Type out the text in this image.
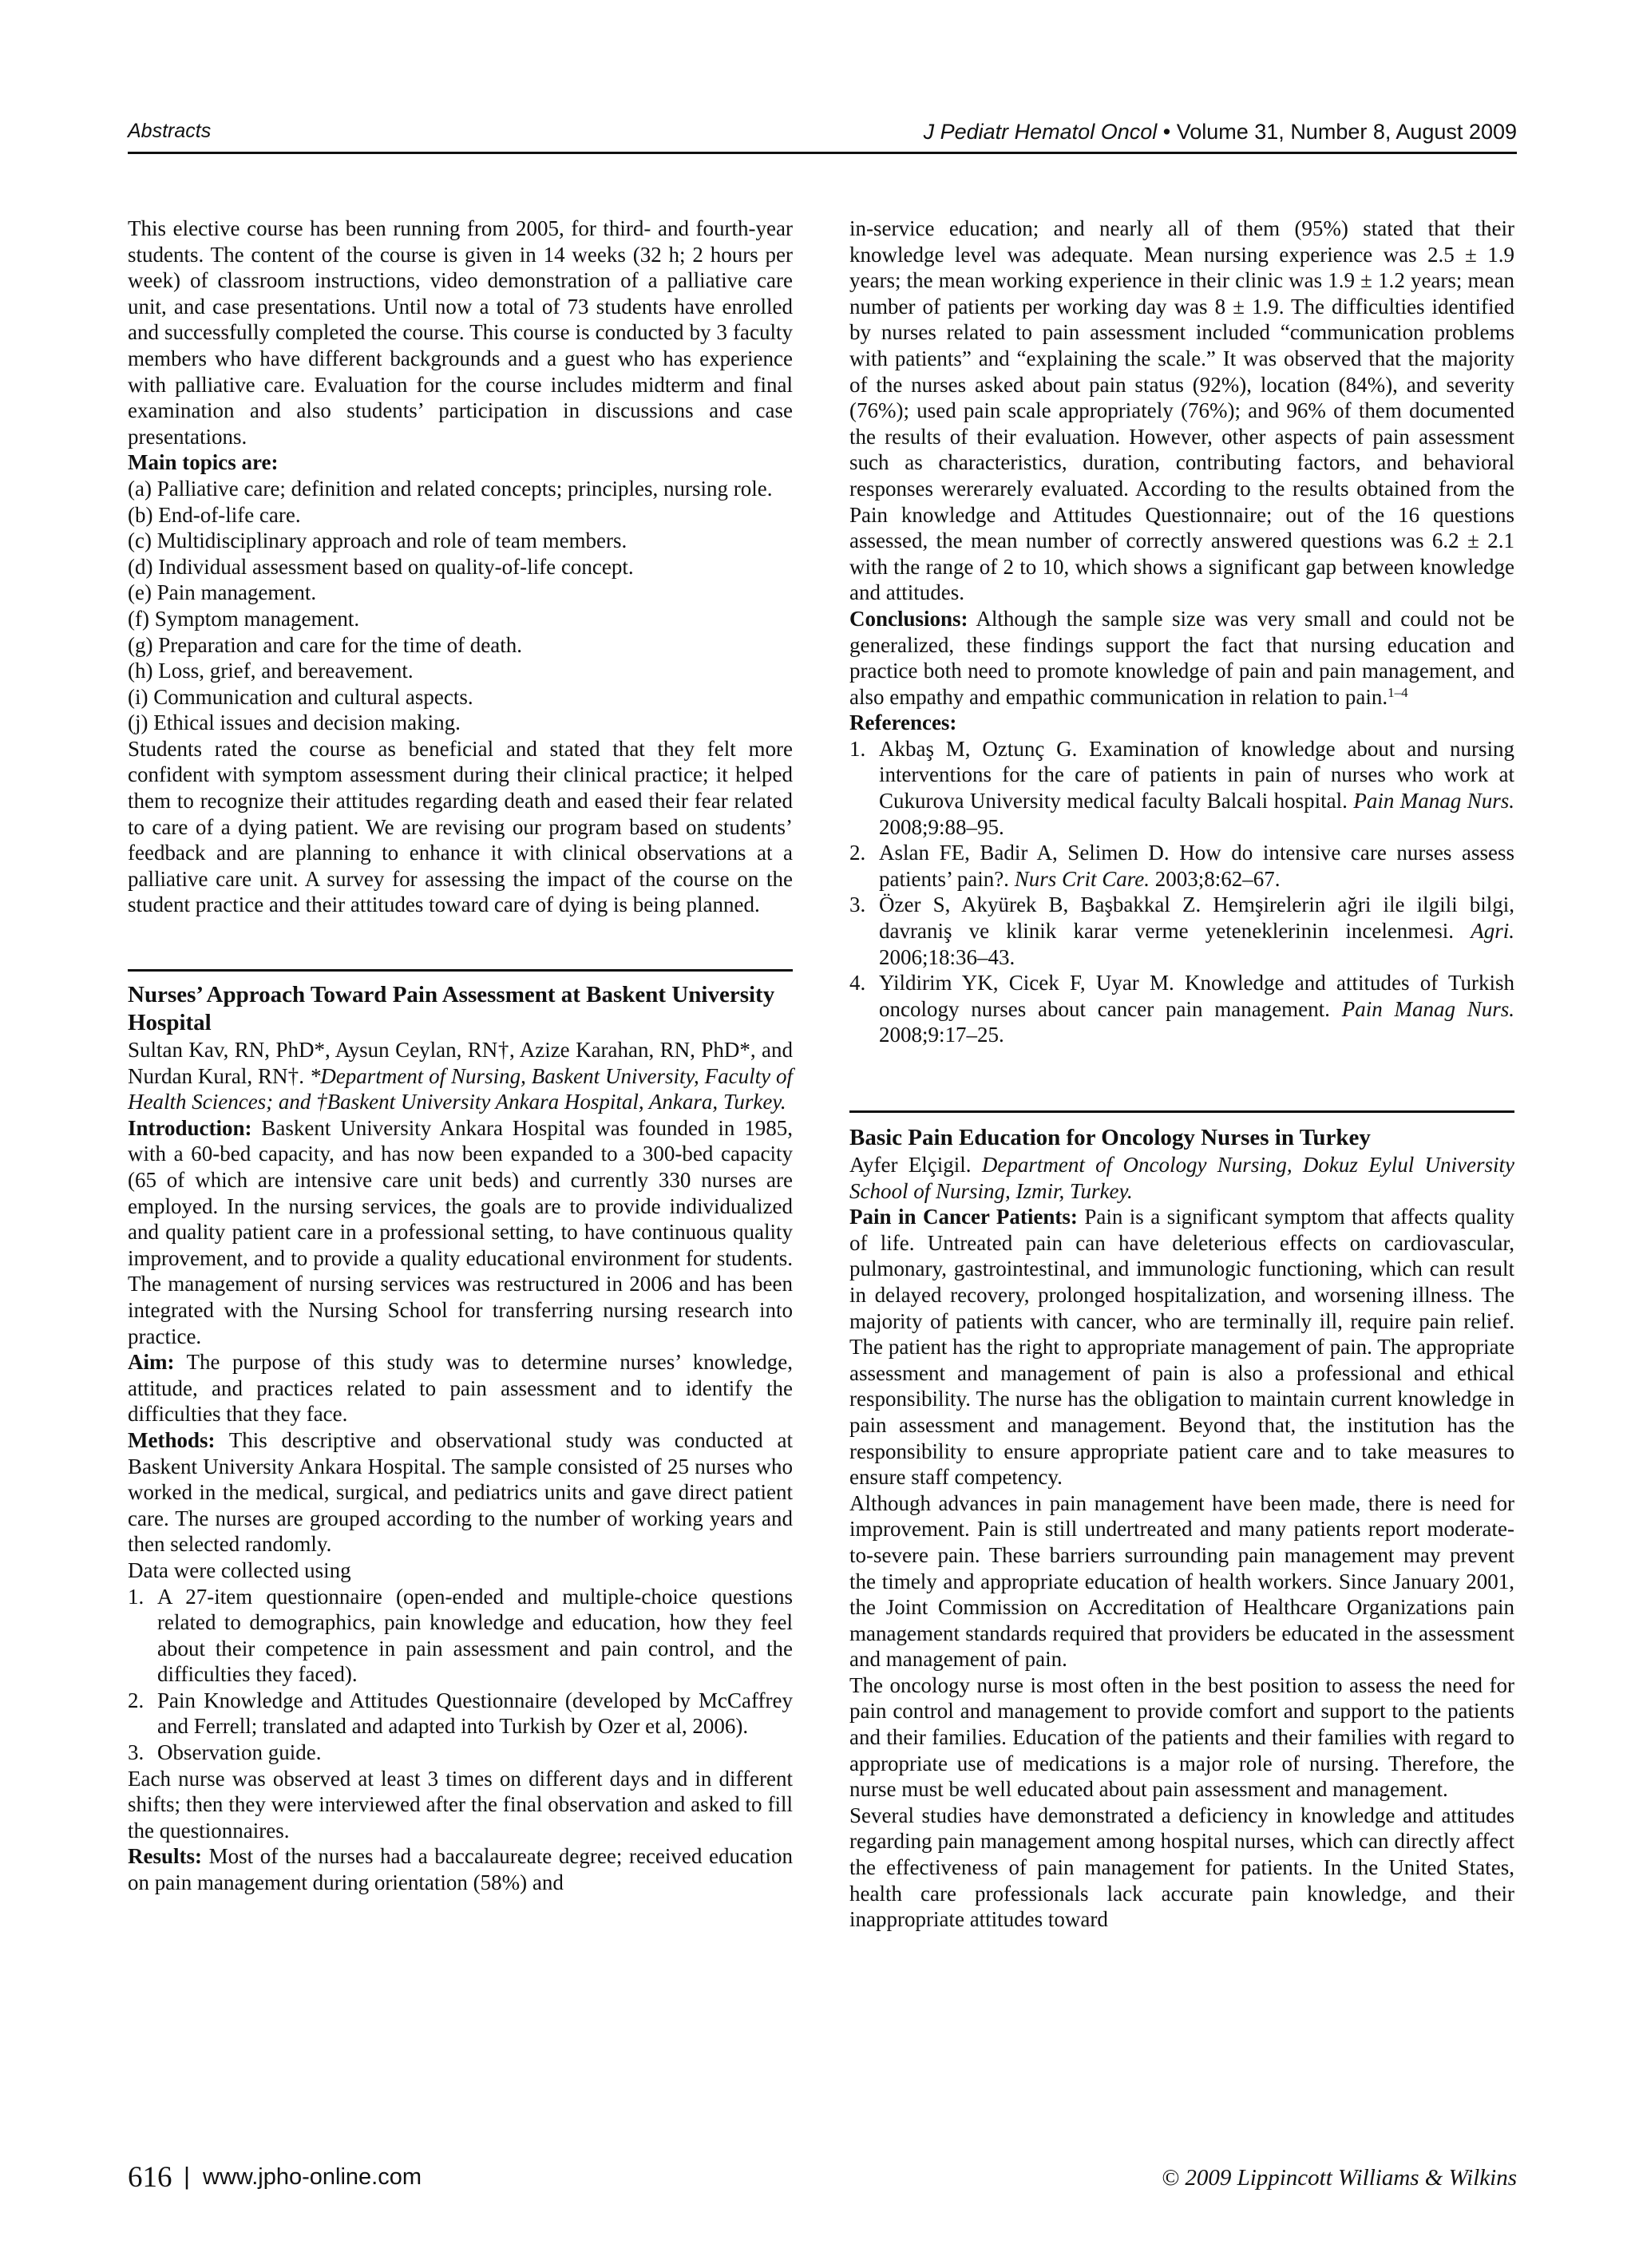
Abstracts	J Pediatr Hematol Oncol • Volume 31, Number 8, August 2009

This elective course has been running from 2005, for third- and fourth-year students. The content of the course is given in 14 weeks (32 h; 2 hours per week) of classroom instructions, video demonstration of a palliative care unit, and case presentations. Until now a total of 73 students have enrolled and successfully completed the course. This course is conducted by 3 faculty members who have different backgrounds and a guest who has experience with palliative care. Evaluation for the course includes midterm and final examination and also students’ participation in discussions and case presentations.

Main topics are:

(a) Palliative care; definition and related concepts; principles, nursing role.
(b) End-of-life care.
(c) Multidisciplinary approach and role of team members.
(d) Individual assessment based on quality-of-life concept.
(e) Pain management.
(f) Symptom management.
(g) Preparation and care for the time of death.
(h) Loss, grief, and bereavement.
(i) Communication and cultural aspects.
(j) Ethical issues and decision making.

Students rated the course as beneficial and stated that they felt more confident with symptom assessment during their clinical practice; it helped them to recognize their attitudes regarding death and eased their fear related to care of a dying patient. We are revising our program based on students’ feedback and are planning to enhance it with clinical observations at a palliative care unit. A survey for assessing the impact of the course on the student practice and their attitudes toward care of dying is being planned.

Nurses’ Approach Toward Pain Assessment at Baskent University Hospital

Sultan Kav, RN, PhD*, Aysun Ceylan, RN†, Azize Karahan, RN, PhD*, and Nurdan Kural, RN†. *Department of Nursing, Baskent University, Faculty of Health Sciences; and †Baskent University Ankara Hospital, Ankara, Turkey.

Introduction: Baskent University Ankara Hospital was founded in 1985, with a 60-bed capacity, and has now been expanded to a 300-bed capacity (65 of which are intensive care unit beds) and currently 330 nurses are employed. In the nursing services, the goals are to provide individualized and quality patient care in a professional setting, to have continuous quality improvement, and to provide a quality educational environment for students. The management of nursing services was restructured in 2006 and has been integrated with the Nursing School for transferring nursing research into practice.

Aim: The purpose of this study was to determine nurses’ knowledge, attitude, and practices related to pain assessment and to identify the difficulties that they face.

Methods: This descriptive and observational study was conducted at Baskent University Ankara Hospital. The sample consisted of 25 nurses who worked in the medical, surgical, and pediatrics units and gave direct patient care. The nurses are grouped according to the number of working years and then selected randomly.

Data were collected using

1. A 27-item questionnaire (open-ended and multiple-choice questions related to demographics, pain knowledge and education, how they feel about their competence in pain assessment and pain control, and the difficulties they faced).
2. Pain Knowledge and Attitudes Questionnaire (developed by McCaffrey and Ferrell; translated and adapted into Turkish by Ozer et al, 2006).
3. Observation guide.

Each nurse was observed at least 3 times on different days and in different shifts; then they were interviewed after the final observation and asked to fill the questionnaires.

Results: Most of the nurses had a baccalaureate degree; received education on pain management during orientation (58%) and

in-service education; and nearly all of them (95%) stated that their knowledge level was adequate. Mean nursing experience was 2.5 ± 1.9 years; the mean working experience in their clinic was 1.9 ± 1.2 years; mean number of patients per working day was 8 ± 1.9. The difficulties identified by nurses related to pain assessment included “communication problems with patients” and “explaining the scale.” It was observed that the majority of the nurses asked about pain status (92%), location (84%), and severity (76%); used pain scale appropriately (76%); and 96% of them documented the results of their evaluation. However, other aspects of pain assessment such as characteristics, duration, contributing factors, and behavioral responses wererarely evaluated. According to the results obtained from the Pain knowledge and Attitudes Questionnaire; out of the 16 questions assessed, the mean number of correctly answered questions was 6.2 ± 2.1 with the range of 2 to 10, which shows a significant gap between knowledge and attitudes.

Conclusions: Although the sample size was very small and could not be generalized, these findings support the fact that nursing education and practice both need to promote knowledge of pain and pain management, and also empathy and empathic communication in relation to pain.$^{1-4}$

References:

1. Akbaş M, Oztunç G. Examination of knowledge about and nursing interventions for the care of patients in pain of nurses who work at Cukurova University medical faculty Balcali hospital. Pain Manag Nurs. 2008;9:88–95.
2. Aslan FE, Badir A, Selimen D. How do intensive care nurses assess patients’ pain?. Nurs Crit Care. 2003;8:62–67.
3. Özer S, Akyürek B, Başbakkal Z. Hemşirelerin ağri ile ilgili bilgi, davraniş ve klinik karar verme yeteneklerinin incelenmesi. Agri. 2006;18:36–43.
4. Yildirim YK, Cicek F, Uyar M. Knowledge and attitudes of Turkish oncology nurses about cancer pain management. Pain Manag Nurs. 2008;9:17–25.
Basic Pain Education for Oncology Nurses in Turkey

Ayfer Elçigil. Department of Oncology Nursing, Dokuz Eylul University School of Nursing, Izmir, Turkey.

Pain in Cancer Patients: Pain is a significant symptom that affects quality of life. Untreated pain can have deleterious effects on cardiovascular, pulmonary, gastrointestinal, and immunologic functioning, which can result in delayed recovery, prolonged hospitalization, and worsening illness. The majority of patients with cancer, who are terminally ill, require pain relief. The patient has the right to appropriate management of pain. The appropriate assessment and management of pain is also a professional and ethical responsibility. The nurse has the obligation to maintain current knowledge in pain assessment and management. Beyond that, the institution has the responsibility to ensure appropriate patient care and to take measures to ensure staff competency.

Although advances in pain management have been made, there is need for improvement. Pain is still undertreated and many patients report moderate-to-severe pain. These barriers surrounding pain management may prevent the timely and appropriate education of health workers. Since January 2001, the Joint Commission on Accreditation of Healthcare Organizations pain management standards required that providers be educated in the assessment and management of pain.

The oncology nurse is most often in the best position to assess the need for pain control and management to provide comfort and support to the patients and their families. Education of the patients and their families with regard to appropriate use of medications is a major role of nursing. Therefore, the nurse must be well educated about pain assessment and management.

Several studies have demonstrated a deficiency in knowledge and attitudes regarding pain management among hospital nurses, which can directly affect the effectiveness of pain management for patients. In the United States, health care professionals lack accurate pain knowledge, and their inappropriate attitudes toward

616 | www.jpho-online.com	© 2009 Lippincott Williams & Wilkins
